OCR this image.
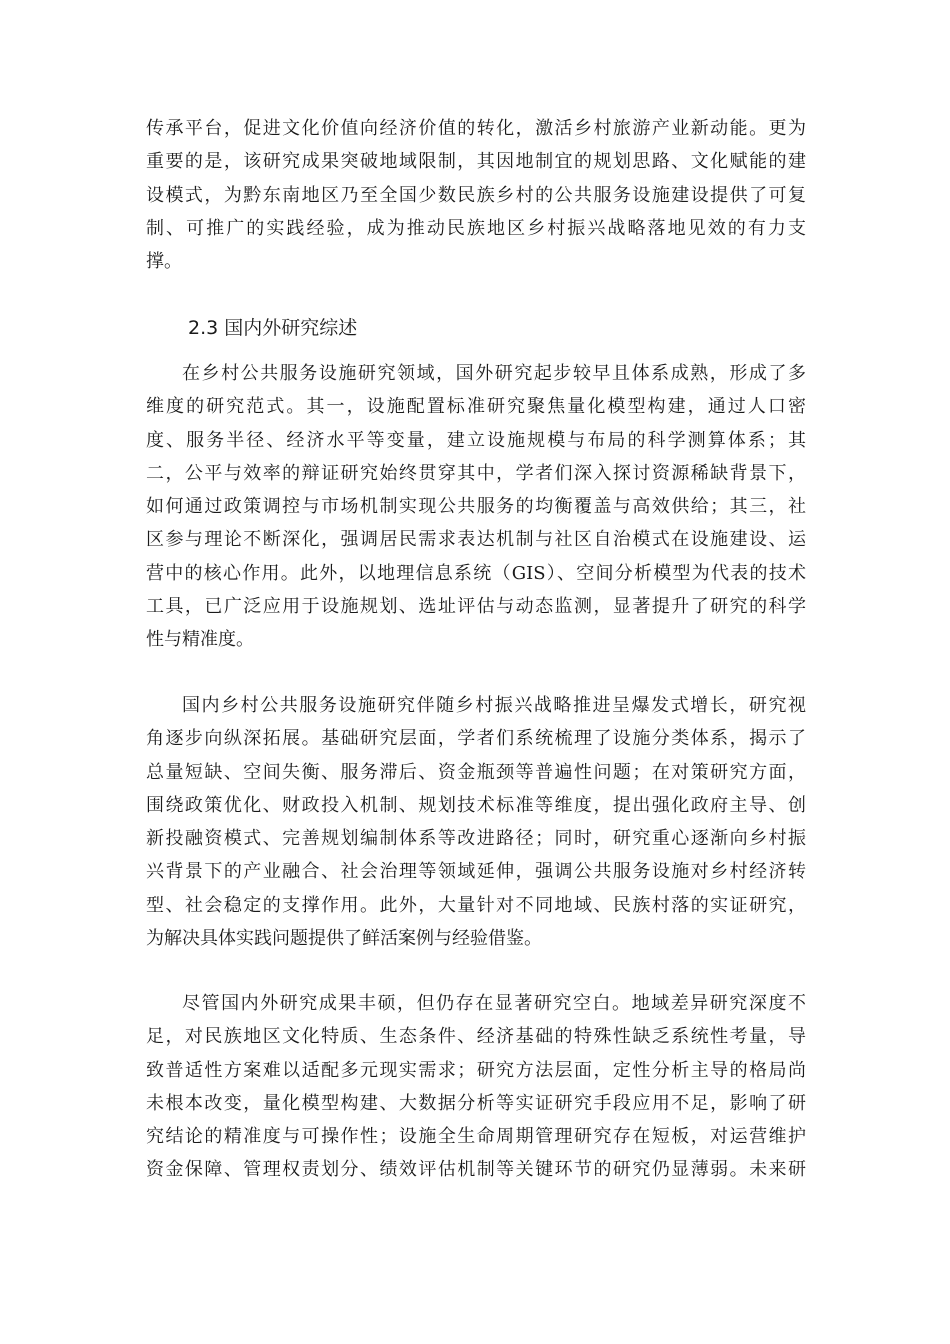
传承平台，促进文化价值向经济价值的转化，激活乡村旅游产业新动能。更为
重要的是，该研究成果突破地域限制，其因地制宜的规划思路、文化赋能的建
设模式，为黔东南地区乃至全国少数民族乡村的公共服务设施建设提供了可复
制、可推广的实践经验，成为推动民族地区乡村振兴战略落地见效的有力支
撑。
2.3 国内外研究综述
在乡村公共服务设施研究领域，国外研究起步较早且体系成熟，形成了多
维度的研究范式。其一，设施配置标准研究聚焦量化模型构建，通过人口密
度、服务半径、经济水平等变量，建立设施规模与布局的科学测算体系；其
二，公平与效率的辩证研究始终贯穿其中，学者们深入探讨资源稀缺背景下，
如何通过政策调控与市场机制实现公共服务的均衡覆盖与高效供给；其三，社
区参与理论不断深化，强调居民需求表达机制与社区自治模式在设施建设、运
营中的核心作用。此外，以地理信息系统（GIS）、空间分析模型为代表的技术
工具，已广泛应用于设施规划、选址评估与动态监测，显著提升了研究的科学
性与精准度。
国内乡村公共服务设施研究伴随乡村振兴战略推进呈爆发式增长，研究视
角逐步向纵深拓展。基础研究层面，学者们系统梳理了设施分类体系，揭示了
总量短缺、空间失衡、服务滞后、资金瓶颈等普遍性问题；在对策研究方面，
围绕政策优化、财政投入机制、规划技术标准等维度，提出强化政府主导、创
新投融资模式、完善规划编制体系等改进路径；同时，研究重心逐渐向乡村振
兴背景下的产业融合、社会治理等领域延伸，强调公共服务设施对乡村经济转
型、社会稳定的支撑作用。此外，大量针对不同地域、民族村落的实证研究，
为解决具体实践问题提供了鲜活案例与经验借鉴。
尽管国内外研究成果丰硕，但仍存在显著研究空白。地域差异研究深度不
足，对民族地区文化特质、生态条件、经济基础的特殊性缺乏系统性考量，导
致普适性方案难以适配多元现实需求；研究方法层面，定性分析主导的格局尚
未根本改变，量化模型构建、大数据分析等实证研究手段应用不足，影响了研
究结论的精准度与可操作性；设施全生命周期管理研究存在短板，对运营维护
资金保障、管理权责划分、绩效评估机制等关键环节的研究仍显薄弱。未来研
